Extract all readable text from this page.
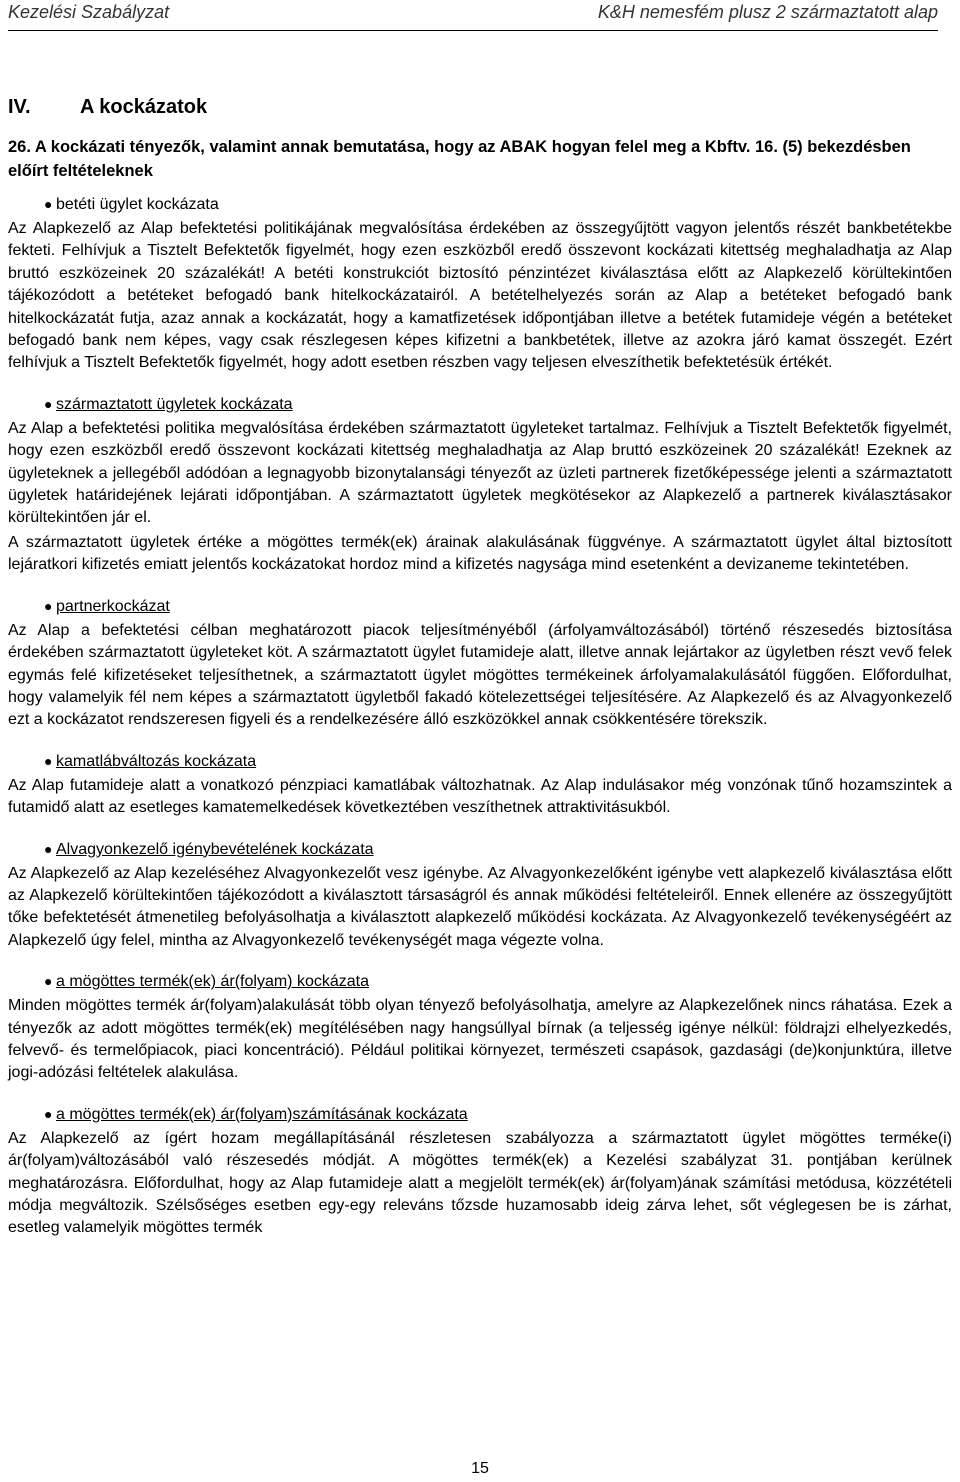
Kezelési Szabályzat	K&H nemesfém plusz 2 származtatott alap
IV.	A kockázatok
26. A kockázati tényezők, valamint annak bemutatása, hogy az ABAK hogyan felel meg a Kbftv. 16. (5) bekezdésben előírt feltételeknek
● betéti ügylet kockázata
Az Alapkezelő az Alap befektetési politikájának megvalósítása érdekében az összegyűjtött vagyon jelentős részét bankbetétekbe fekteti. Felhívjuk a Tisztelt Befektetők figyelmét, hogy ezen eszközből eredő összevont kockázati kitettség meghaladhatja az Alap bruttó eszközeinek 20 százalékát! A betéti konstrukciót biztosító pénzintézet kiválasztása előtt az Alapkezelő körültekintően tájékozódott a betéteket befogadó bank hitelkockázatairól. A betételhelyezés során az Alap a betéteket befogadó bank hitelkockázatát futja, azaz annak a kockázatát, hogy a kamatfizetések időpontjában illetve a betétek futamideje végén a betéteket befogadó bank nem képes, vagy csak részlegesen képes kifizetni a bankbetétek, illetve az azokra járó kamat összegét. Ezért felhívjuk a Tisztelt Befektetők figyelmét, hogy adott esetben részben vagy teljesen elveszíthetik befektetésük értékét.
● származtatott ügyletek kockázata
Az Alap a befektetési politika megvalósítása érdekében származtatott ügyleteket tartalmaz. Felhívjuk a Tisztelt Befektetők figyelmét, hogy ezen eszközből eredő összevont kockázati kitettség meghaladhatja az Alap bruttó eszközeinek 20 százalékát! Ezeknek az ügyleteknek a jellegéből adódóan a legnagyobb bizonytalansági tényezőt az üzleti partnerek fizetőképessége jelenti a származtatott ügyletek határidejének lejárati időpontjában. A származtatott ügyletek megkötésekor az Alapkezelő a partnerek kiválasztásakor körültekintően jár el.
A származtatott ügyletek értéke a mögöttes termék(ek) árainak alakulásának függvénye. A származtatott ügylet által biztosított lejáratkori kifizetés emiatt jelentős kockázatokat hordoz mind a kifizetés nagysága mind esetenként a devizaneme tekintetében.
● partnerkockázat
Az Alap a befektetési célban meghatározott piacok teljesítményéből (árfolyamváltozásából) történő részesedés biztosítása érdekében származtatott ügyleteket köt. A származtatott ügylet futamideje alatt, illetve annak lejártakor az ügyletben részt vevő felek egymás felé kifizetéseket teljesíthetnek, a származtatott ügylet mögöttes termékeinek árfolyamalakulásától függően. Előfordulhat, hogy valamelyik fél nem képes a származtatott ügyletből fakadó kötelezettségei teljesítésére. Az Alapkezelő és az Alvagyonkezelő ezt a kockázatot rendszeresen figyeli és a rendelkezésére álló eszközökkel annak csökkentésére törekszik.
● kamatlábváltozás kockázata
Az Alap futamideje alatt a vonatkozó pénzpiaci kamatlábak változhatnak. Az Alap indulásakor még vonzónak tűnő hozamszintek a futamidő alatt az esetleges kamatemelkedések következtében veszíthetnek attraktivitásukból.
● Alvagyonkezelő igénybevételének kockázata
Az Alapkezelő az Alap kezeléséhez Alvagyonkezelőt vesz igénybe. Az Alvagyonkezelőként igénybe vett alapkezelő kiválasztása előtt az Alapkezelő körültekintően tájékozódott a kiválasztott társaságról és annak működési feltételeiről. Ennek ellenére az összegyűjtött tőke befektetését átmenetileg befolyásolhatja a kiválasztott alapkezelő működési kockázata. Az Alvagyonkezelő tevékenységéért az Alapkezelő úgy felel, mintha az Alvagyonkezelő tevékenységét maga végezte volna.
● a mögöttes termék(ek) ár(folyam) kockázata
Minden mögöttes termék ár(folyam)alakulását több olyan tényező befolyásolhatja, amelyre az Alapkezelőnek nincs ráhatása. Ezek a tényezők az adott mögöttes termék(ek) megítélésében nagy hangsúllyal bírnak (a teljesség igénye nélkül: földrajzi elhelyezkedés, felvevő- és termelőpiacok, piaci koncentráció). Például politikai környezet, természeti csapások, gazdasági (de)konjunktúra, illetve jogi-adózási feltételek alakulása.
● a mögöttes termék(ek) ár(folyam)számításának kockázata
Az Alapkezelő az ígért hozam megállapításánál részletesen szabályozza a származtatott ügylet mögöttes terméke(i) ár(folyam)változásából való részesedés módját. A mögöttes termék(ek) a Kezelési szabályzat 31. pontjában kerülnek meghatározásra. Előfordulhat, hogy az Alap futamideje alatt a megjelölt termék(ek) ár(folyam)ának számítási metódusa, közzétételi módja megváltozik. Szélsőséges esetben egy-egy releváns tőzsde huzamosabb ideig zárva lehet, sőt véglegesen be is zárhat, esetleg valamelyik mögöttes termék
15
